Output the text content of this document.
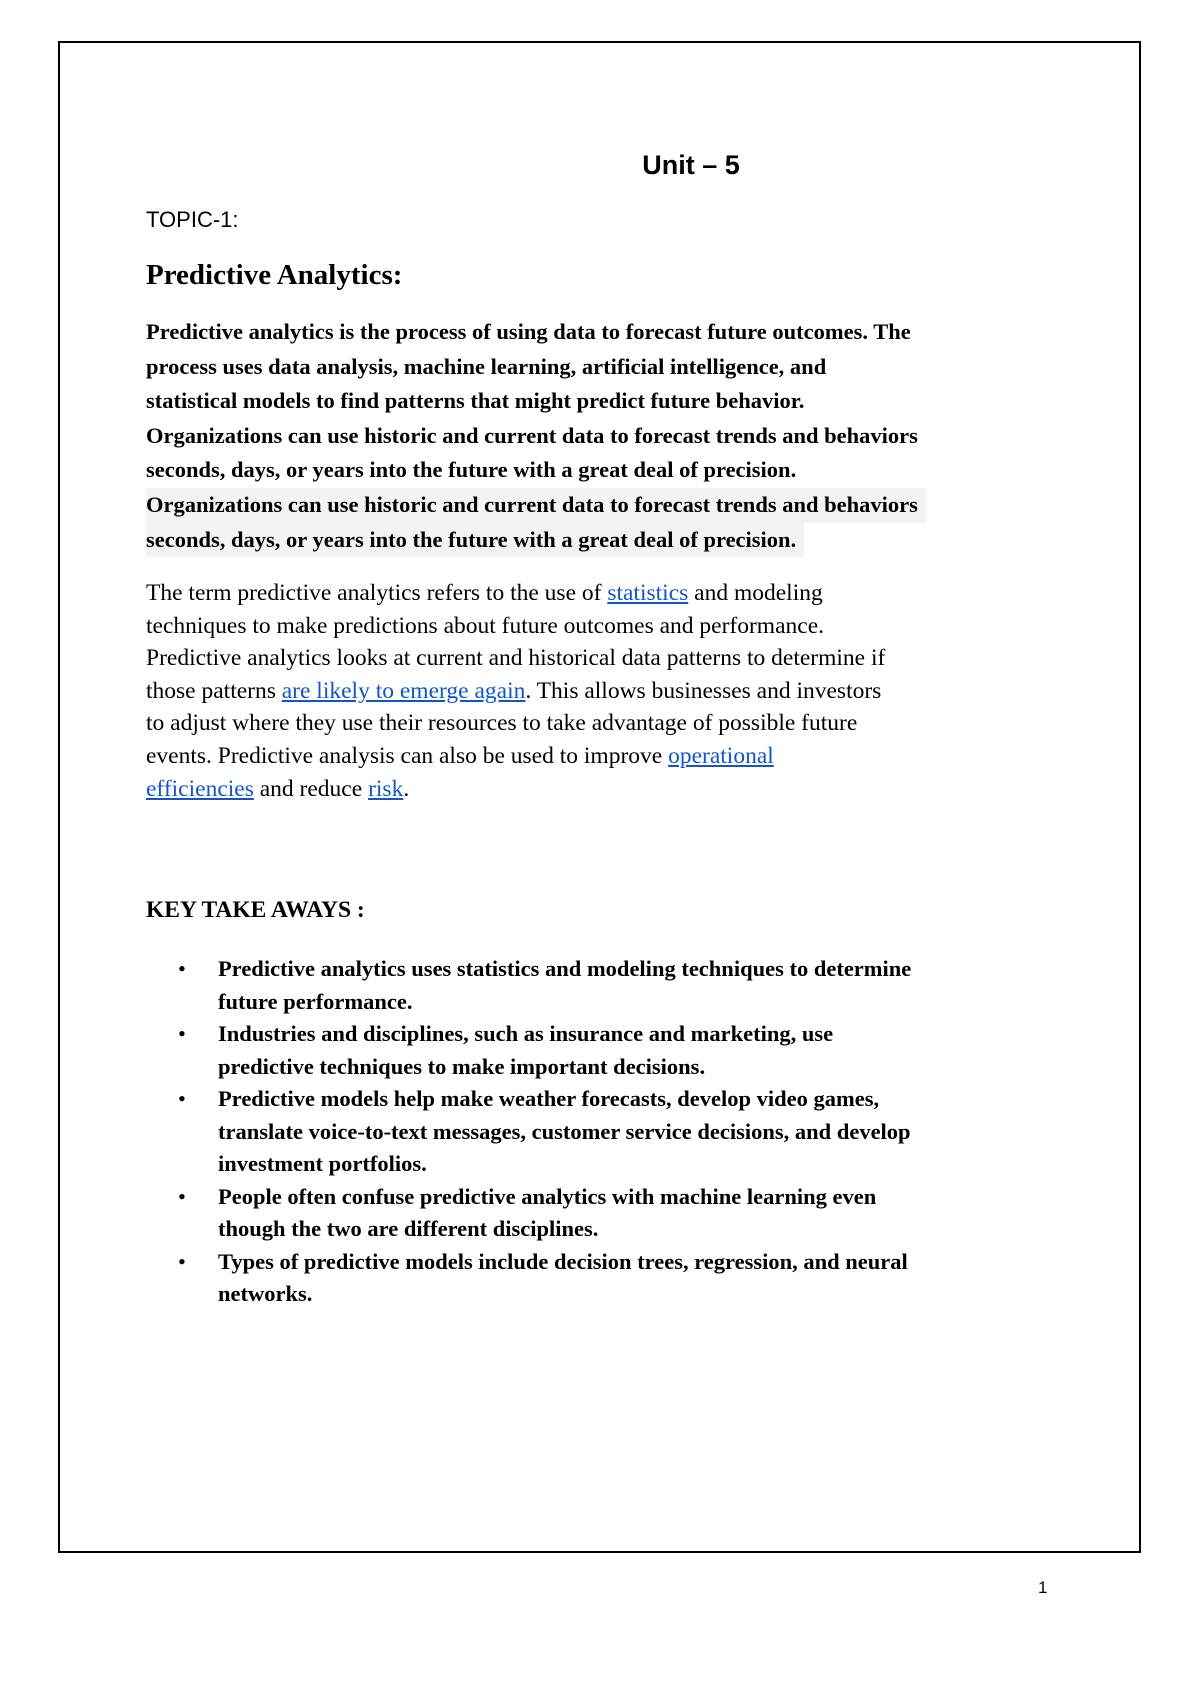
Unit – 5
TOPIC-1:
Predictive Analytics:
Predictive analytics is the process of using data to forecast future outcomes. The
process uses data analysis, machine learning, artificial intelligence, and
statistical models to find patterns that might predict future behavior.
Organizations can use historic and current data to forecast trends and behaviors
seconds, days, or years into the future with a great deal of precision.
Organizations can use historic and current data to forecast trends and behaviors
seconds, days, or years into the future with a great deal of precision.
The term predictive analytics refers to the use of statistics and modeling
techniques to make predictions about future outcomes and performance.
Predictive analytics looks at current and historical data patterns to determine if
those patterns are likely to emerge again. This allows businesses and investors
to adjust where they use their resources to take advantage of possible future
events. Predictive analysis can also be used to improve operational
efficiencies and reduce risk.
KEY TAKE AWAYS :
• Predictive analytics uses statistics and modeling techniques to determine
future performance.
• Industries and disciplines, such as insurance and marketing, use
predictive techniques to make important decisions.
• Predictive models help make weather forecasts, develop video games,
translate voice-to-text messages, customer service decisions, and develop
investment portfolios.
• People often confuse predictive analytics with machine learning even
though the two are different disciplines.
• Types of predictive models include decision trees, regression, and neural
networks.
1
